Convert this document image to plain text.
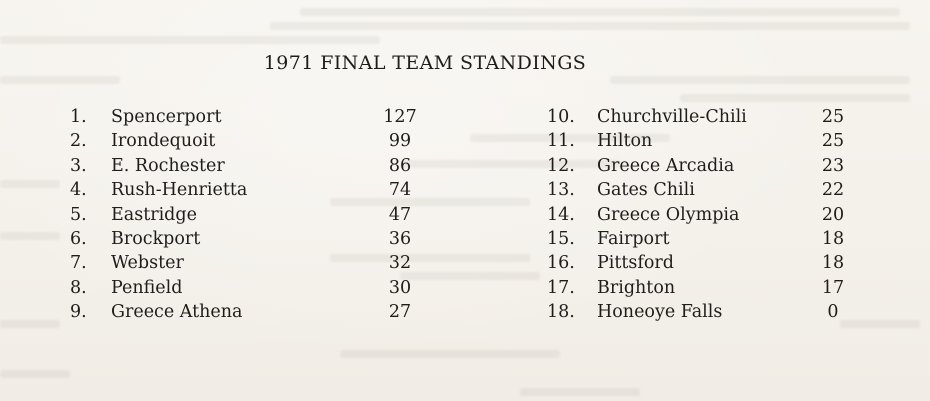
1971 FINAL TEAM STANDINGS
1. Spencerport	127
2. Irondequoit	99
3. E. Rochester	86
4. Rush-Henrietta	74
5. Eastridge	47
6. Brockport	36
7. Webster	32
8. Penfield	30
9. Greece Athena	27
10. Churchville-Chili	25
11. Hilton	25
12. Greece Arcadia	23
13. Gates Chili	22
14. Greece Olympia	20
15. Fairport	18
16. Pittsford	18
17. Brighton	17
18. Honeoye Falls	0
